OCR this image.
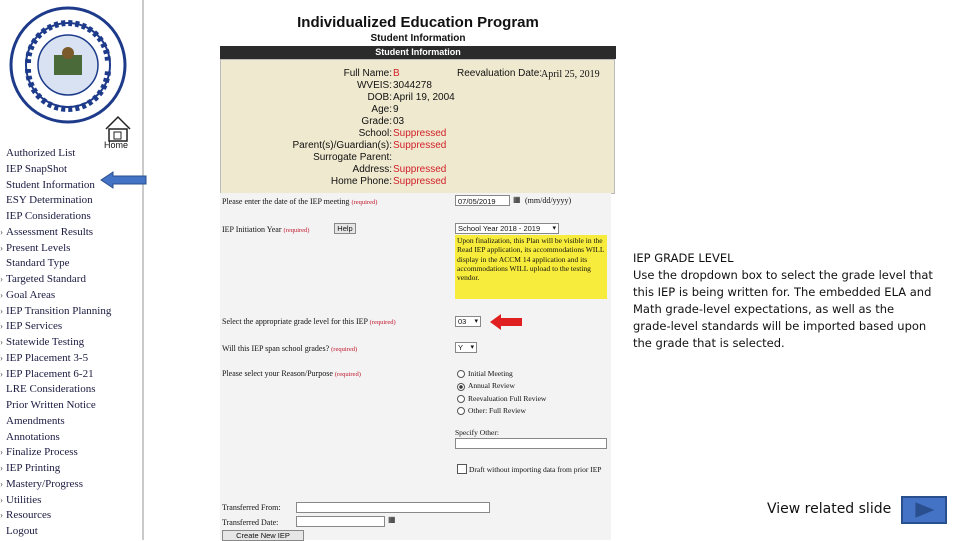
Home
Authorized List
IEP SnapShot
Student Information
ESY Determination
IEP Considerations
› Assessment Results
› Present Levels
Standard Type
› Targeted Standard
› Goal Areas
› IEP Transition Planning
› IEP Services
› Statewide Testing
› IEP Placement 3-5
› IEP Placement 6-21
LRE Considerations
Prior Written Notice
Amendments
Annotations
› Finalize Process
› IEP Printing
› Mastery/Progress
› Utilities
› Resources
Logout
Individualized Education Program
Student Information
Student Information
Full Name: B
WVEIS: 3044278
DOB: April 19, 2004
Age: 9
Grade: 03
School: Suppressed
Parent(s)/Guardian(s): Suppressed
Surrogate Parent:
Address: Suppressed
Home Phone: Suppressed
Reevaluation Date:
April 25, 2019
Please enter the date of the IEP meeting (required)	07/05/2019	▦ (mm/dd/yyyy)
IEP Initiation Year (required)	Help	School Year 2018 - 2019 ▾
Upon finalization, this Plan will be visible in the Read IEP application, its accommodations WILL display in the ACCM 14 application and its accommodations WILL upload to the testing vendor.
Select the appropriate grade level for this IEP (required)	03 ▾
Will this IEP span school grades? (required)	Y ▾
Please select your Reason/Purpose (required)	Initial Meeting
Annual Review
Reevaluation Full Review
Other: Full Review
Specify Other:
Draft without importing data from prior IEP
Transferred From:
Transferred Date:	▦
Create New IEP
IEP GRADE LEVEL
Use the dropdown box to select the grade level that this IEP is being written for. The embedded ELA and Math grade-level expectations, as well as the grade-level standards will be imported based upon the grade that is selected.
View related slide
